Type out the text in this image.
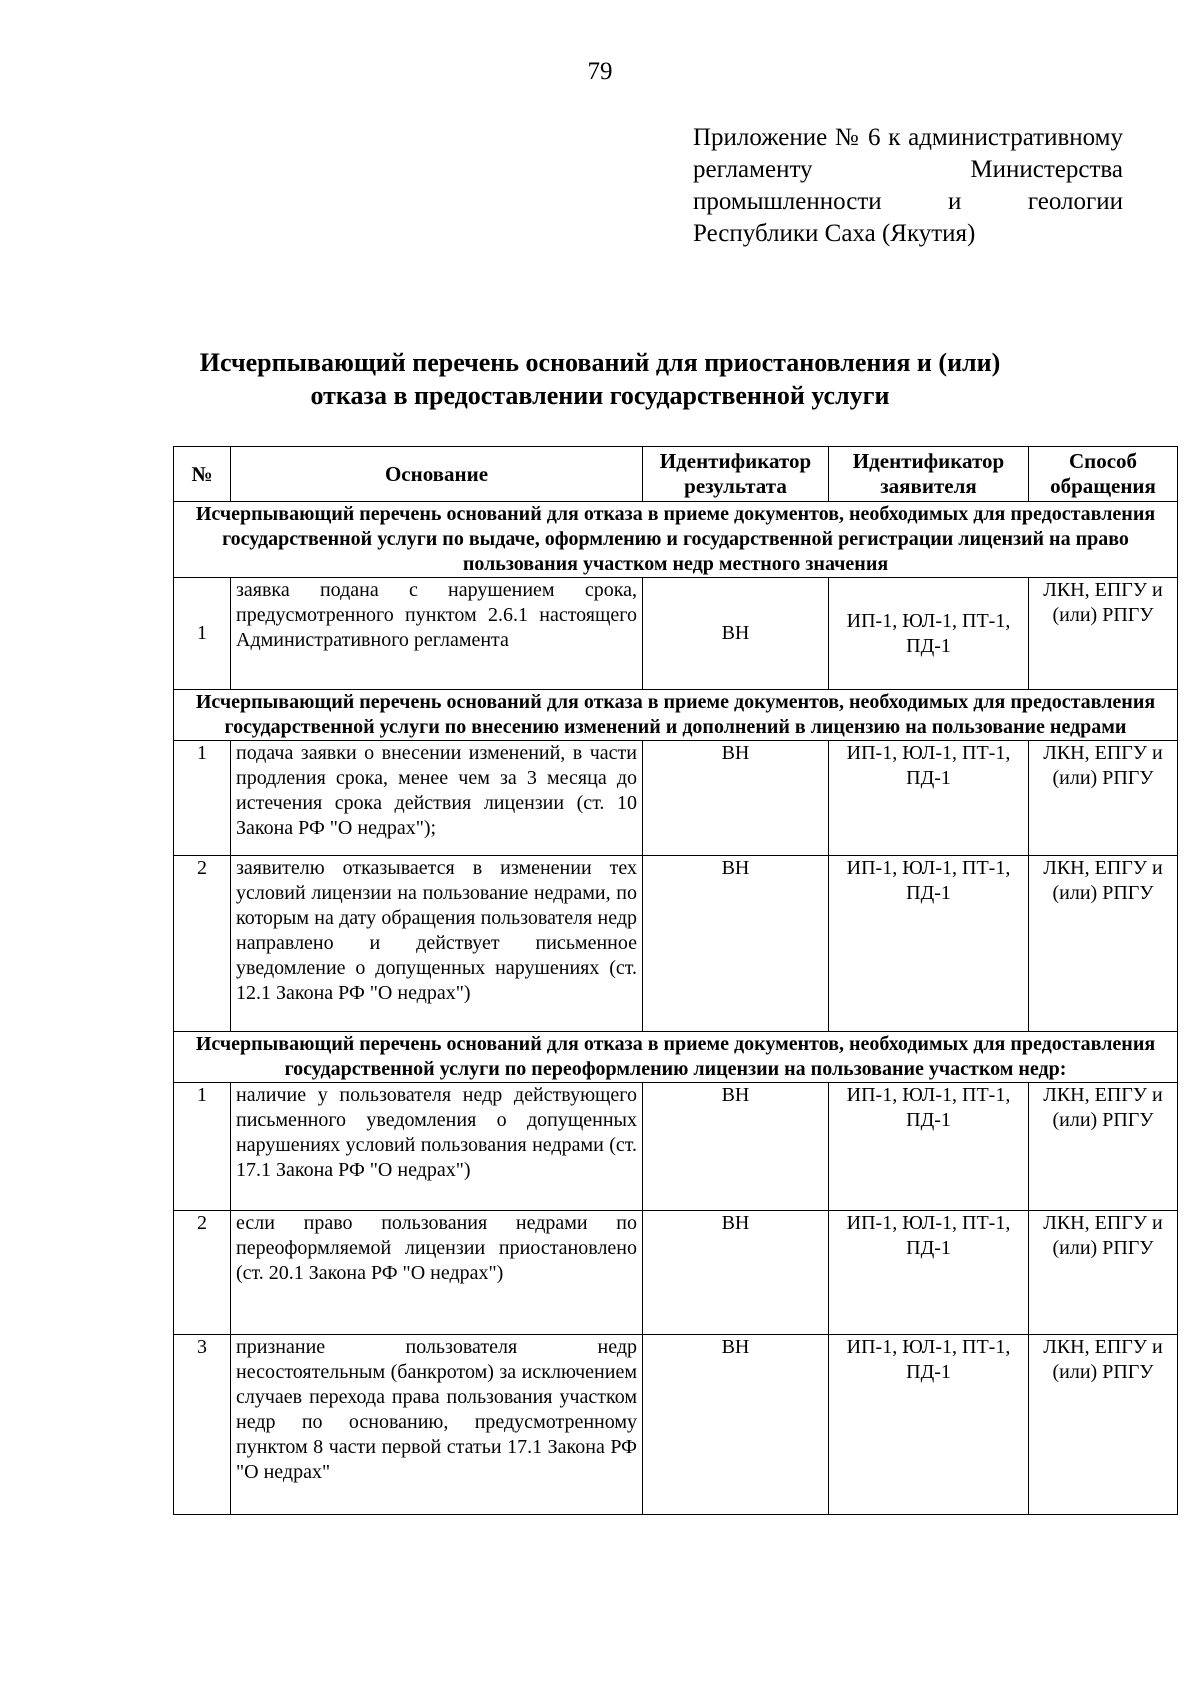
79
Приложение № 6 к административному регламенту Министерства промышленности и геологии Республики Саха (Якутия)
Исчерпывающий перечень оснований для приостановления и (или)
отказа в предоставлении государственной услуги
№	Основание	Идентификатор результата	Идентификатор заявителя	Способ обращения
Исчерпывающий перечень оснований для отказа в приеме документов, необходимых для предоставления государственной услуги по выдаче, оформлению и государственной регистрации лицензий на право пользования участком недр местного значения				
1	заявка подана с нарушением срока, предусмотренного пунктом 2.6.1 настоящего Административного регламента	ВН	ИП-1, ЮЛ-1, ПТ-1, ПД-1	ЛКН, ЕПГУ и (или) РПГУ
Исчерпывающий перечень оснований для отказа в приеме документов, необходимых для предоставления государственной услуги по внесению изменений и дополнений в лицензию на пользование недрами				
1	подача заявки о внесении изменений, в части продления срока, менее чем за 3 месяца до истечения срока действия лицензии (ст. 10 Закона РФ "О недрах");	ВН	ИП-1, ЮЛ-1, ПТ-1, ПД-1	ЛКН, ЕПГУ и (или) РПГУ
2	заявителю отказывается в изменении тех условий лицензии на пользование недрами, по которым на дату обращения пользователя недр направлено и действует письменное уведомление о допущенных нарушениях (ст. 12.1 Закона РФ "О недрах")	ВН	ИП-1, ЮЛ-1, ПТ-1, ПД-1	ЛКН, ЕПГУ и (или) РПГУ
Исчерпывающий перечень оснований для отказа в приеме документов, необходимых для предоставления государственной услуги по переоформлению лицензии на пользование участком недр:				
1	наличие у пользователя недр действующего письменного уведомления о допущенных нарушениях условий пользования недрами (ст. 17.1 Закона РФ "О недрах")	ВН	ИП-1, ЮЛ-1, ПТ-1, ПД-1	ЛКН, ЕПГУ и (или) РПГУ
2	если право пользования недрами по переоформляемой лицензии приостановлено (ст. 20.1 Закона РФ "О недрах")	ВН	ИП-1, ЮЛ-1, ПТ-1, ПД-1	ЛКН, ЕПГУ и (или) РПГУ
3	признание пользователя недр несостоятельным (банкротом) за исключением случаев перехода права пользования участком недр по основанию, предусмотренному пунктом 8 части первой статьи 17.1 Закона РФ "О недрах"	ВН	ИП-1, ЮЛ-1, ПТ-1, ПД-1	ЛКН, ЕПГУ и (или) РПГУ
